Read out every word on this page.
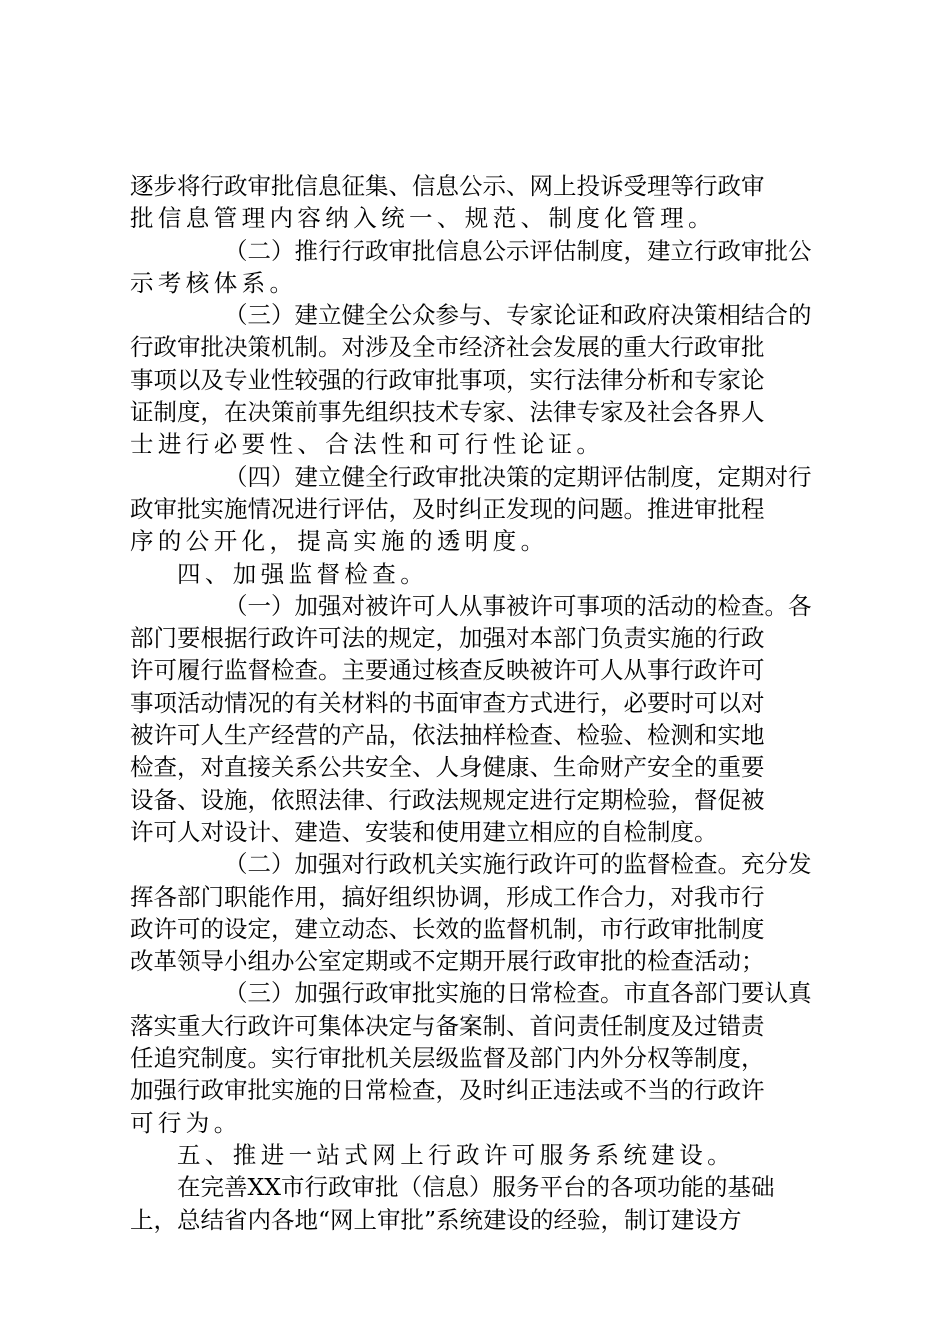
逐步将行政审批信息征集、信息公示、网上投诉受理等行政审
批信息管理内容纳入统一、规范、制度化管理。
（二）推行行政审批信息公示评估制度，建立行政审批公
示考核体系。
（三）建立健全公众参与、专家论证和政府决策相结合的
行政审批决策机制。对涉及全市经济社会发展的重大行政审批
事项以及专业性较强的行政审批事项，实行法律分析和专家论
证制度，在决策前事先组织技术专家、法律专家及社会各界人
士进行必要性、合法性和可行性论证。
（四）建立健全行政审批决策的定期评估制度，定期对行
政审批实施情况进行评估，及时纠正发现的问题。推进审批程
序的公开化，提高实施的透明度。
四、加强监督检查。
（一）加强对被许可人从事被许可事项的活动的检查。各
部门要根据行政许可法的规定，加强对本部门负责实施的行政
许可履行监督检查。主要通过核查反映被许可人从事行政许可
事项活动情况的有关材料的书面审查方式进行，必要时可以对
被许可人生产经营的产品，依法抽样检查、检验、检测和实地
检查，对直接关系公共安全、人身健康、生命财产安全的重要
设备、设施，依照法律、行政法规规定进行定期检验，督促被
许可人对设计、建造、安装和使用建立相应的自检制度。
（二）加强对行政机关实施行政许可的监督检查。充分发
挥各部门职能作用，搞好组织协调，形成工作合力，对我市行
政许可的设定，建立动态、长效的监督机制，市行政审批制度
改革领导小组办公室定期或不定期开展行政审批的检查活动；
（三）加强行政审批实施的日常检查。市直各部门要认真
落实重大行政许可集体决定与备案制、首问责任制度及过错责
任追究制度。实行审批机关层级监督及部门内外分权等制度，
加强行政审批实施的日常检查，及时纠正违法或不当的行政许
可行为。
五、推进一站式网上行政许可服务系统建设。
在完善XX市行政审批（信息）服务平台的各项功能的基础
上，总结省内各地“网上审批”系统建设的经验，制订建设方
